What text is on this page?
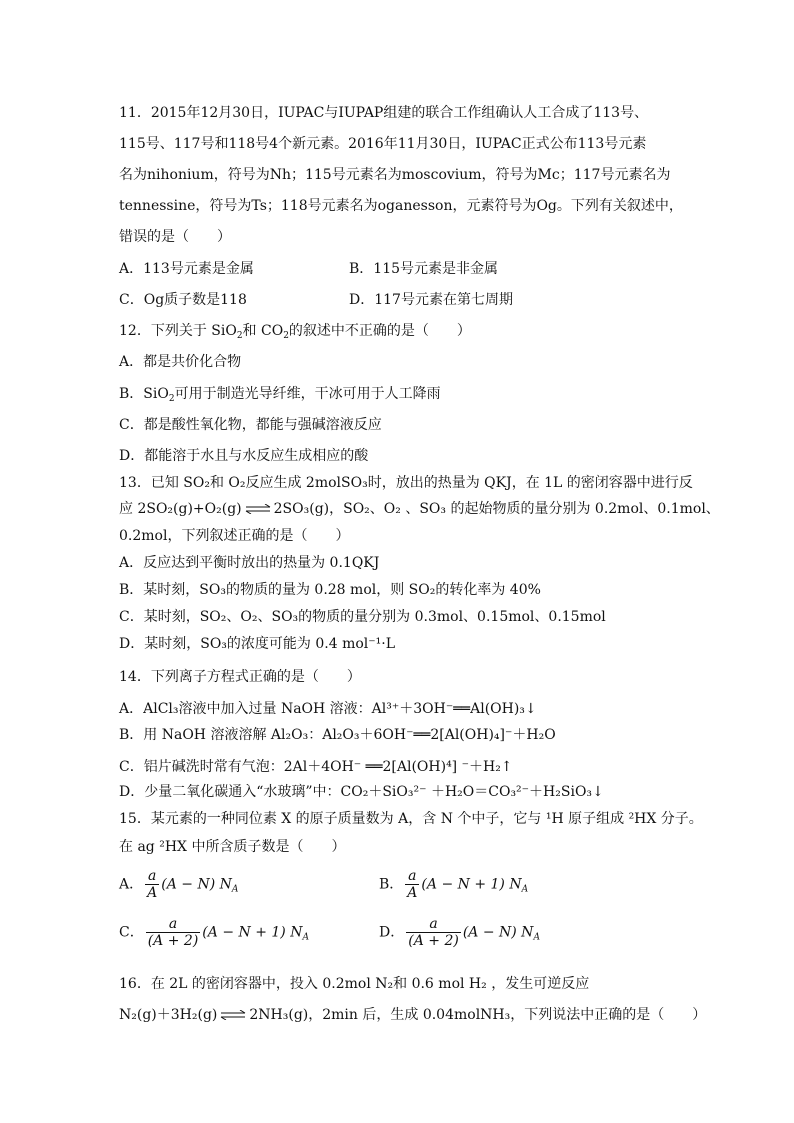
11．2015年12月30日，IUPAC与IUPAP组建的联合工作组确认人工合成了113号、
115号、117号和118号4个新元素。2016年11月30日，IUPAC正式公布113号元素
名为nihonium，符号为Nh；115号元素名为moscovium，符号为Mc；117号元素名为
tennessine，符号为Ts；118号元素名为oganesson，元素符号为Og。下列有关叙述中，
错误的是（　　）
A．113号元素是金属	B．115号元素是非金属
C．Og质子数是118	D．117号元素在第七周期
12．下列关于 SiO$_2$和 $CO_2$的叙述中不正确的是（　　）
A．都是共价化合物
B．SiO$_2$可用于制造光导纤维，干冰可用于人工降雨
C．都是酸性氧化物，都能与强碱溶液反应
D．都能溶于水且与水反应生成相应的酸
13．已知 SO₂和 O₂反应生成 2molSO₃时，放出的热量为 QKJ，在 1L 的密闭容器中进行反
应 2SO₂(g)+O₂(g) ⇌ 2SO₃(g)，SO₂、O₂ 、SO₃ 的起始物质的量分别为 0.2mol、0.1mol、
0.2mol，下列叙述正确的是（　　）
A．反应达到平衡时放出的热量为 0.1QKJ
B．某时刻，SO₃的物质的量为 0.28 mol，则 SO₂的转化率为 40%
C．某时刻，SO₂、O₂、SO₃的物质的量分别为 0.3mol、0.15mol、0.15mol
D．某时刻，SO₃的浓度可能为 0.4 mol⁻¹·L
14．下列离子方程式正确的是（　　）
A．AlCl₃溶液中加入过量 NaOH 溶液：Al³⁺＋3OH⁻══Al(OH)₃↓
B．用 NaOH 溶液溶解 Al₂O₃：Al₂O₃＋6OH⁻══2[Al(OH)₄]⁻＋H₂O
C．铝片碱洗时常有气泡：2Al＋4OH⁻ ══2[Al(OH)⁴] ⁻＋H₂↑
D．少量二氧化碳通入“水玻璃”中：CO₂＋SiO₃²⁻ ＋H₂O＝CO₃²⁻＋H₂SiO₃↓
15．某元素的一种同位素 X 的原子质量数为 A，含 N 个中子，它与 ¹H 原子组成 ²HX 分子。
在 ag ²HX 中所含质子数是（　　）
A． $\frac{a}{A} (A - N)$ $N_A$	B． $\frac{a}{A} (A - N + 1)$ $N_A$
C． $\frac{a}{(A + 2)} (A - N + 1)$ $N_A$	D． $\frac{a}{(A + 2)} (A - N)$ $N_A$
16．在 2L 的密闭容器中，投入 0.2mol N₂和 0.6 mol H₂ ，发生可逆反应
N₂(g)＋3H₂(g) ⇌ 2NH₃(g)，2min 后，生成 0.04molNH₃，下列说法中正确的是（　　）
